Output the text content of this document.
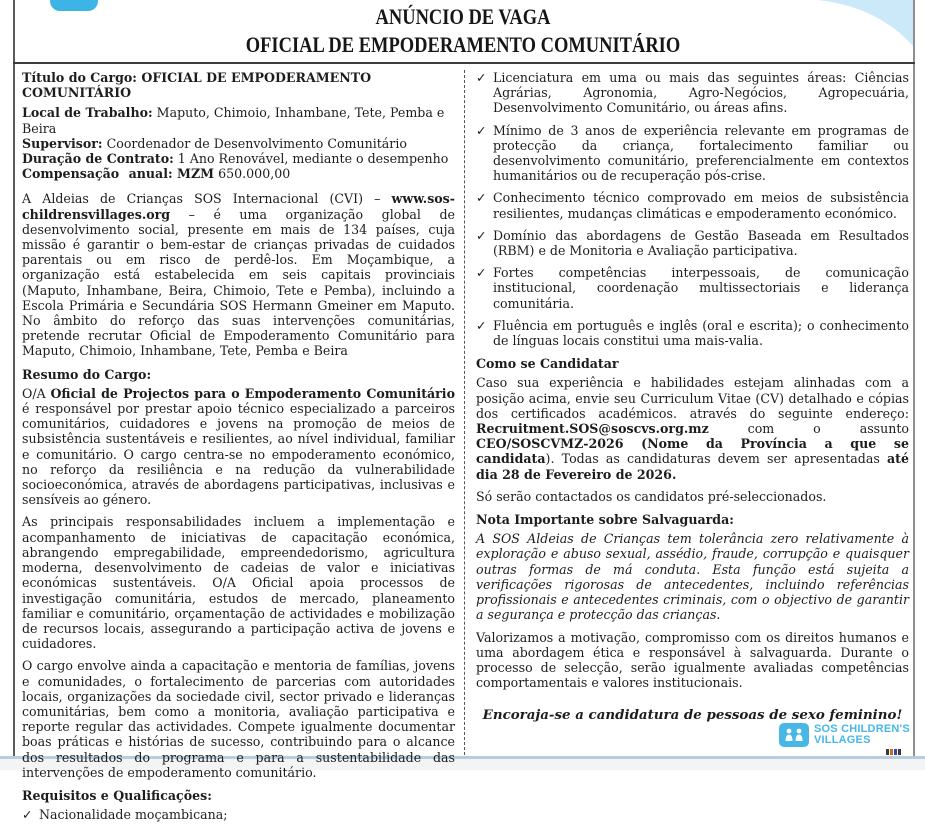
ANÚNCIO DE VAGA
OFICIAL DE EMPODERAMENTO COMUNITÁRIO

Título do Cargo: OFICIAL DE EMPODERAMENTO COMUNITÁRIO

Local de Trabalho: Maputo, Chimoio, Inhambane, Tete, Pemba e Beira

Supervisor: Coordenador de Desenvolvimento Comunitário

Duração de Contrato: 1 Ano Renovável, mediante o desempenho

Compensação anual: MZM 650.000,00

A Aldeias de Crianças SOS Internacional (CVI) – www.sos-childrensvillages.org – é uma organização global de desenvolvimento social, presente em mais de 134 países, cuja missão é garantir o bem-estar de crianças privadas de cuidados parentais ou em risco de perdê-los. Em Moçambique, a organização está estabelecida em seis capitais provinciais (Maputo, Inhambane, Beira, Chimoio, Tete e Pemba), incluindo a Escola Primária e Secundária SOS Hermann Gmeiner em Maputo. No âmbito do reforço das suas intervenções comunitárias, pretende recrutar Oficial de Empoderamento Comunitário para Maputo, Chimoio, Inhambane, Tete, Pemba e Beira

Resumo do Cargo:

O/A Oficial de Projectos para o Empoderamento Comunitário é responsável por prestar apoio técnico especializado a parceiros comunitários, cuidadores e jovens na promoção de meios de subsistência sustentáveis e resilientes, ao nível individual, familiar e comunitário. O cargo centra-se no empoderamento económico, no reforço da resiliência e na redução da vulnerabilidade socioeconómica, através de abordagens participativas, inclusivas e sensíveis ao género.

As principais responsabilidades incluem a implementação e acompanhamento de iniciativas de capacitação económica, abrangendo empregabilidade, empreendedorismo, agricultura moderna, desenvolvimento de cadeias de valor e iniciativas económicas sustentáveis. O/A Oficial apoia processos de investigação comunitária, estudos de mercado, planeamento familiar e comunitário, orçamentação de actividades e mobilização de recursos locais, assegurando a participação activa de jovens e cuidadores.

O cargo envolve ainda a capacitação e mentoria de famílias, jovens e comunidades, o fortalecimento de parcerias com autoridades locais, organizações da sociedade civil, sector privado e lideranças comunitárias, bem como a monitoria, avaliação participativa e reporte regular das actividades. Compete igualmente documentar boas práticas e histórias de sucesso, contribuindo para o alcance dos resultados do programa e para a sustentabilidade das intervenções de empoderamento comunitário.

Requisitos e Qualificações:
✓ Nacionalidade moçambicana;
✓ Licenciatura em uma ou mais das seguintes áreas: Ciências Agrárias, Agronomia, Agro-Negócios, Agropecuária, Desenvolvimento Comunitário, ou áreas afins.
✓ Mínimo de 3 anos de experiência relevante em programas de protecção da criança, fortalecimento familiar ou desenvolvimento comunitário, preferencialmente em contextos humanitários ou de recuperação pós-crise.
✓ Conhecimento técnico comprovado em meios de subsistência resilientes, mudanças climáticas e empoderamento económico.
✓ Domínio das abordagens de Gestão Baseada em Resultados (RBM) e de Monitoria e Avaliação participativa.
✓ Fortes competências interpessoais, de comunicação institucional, coordenação multissectoriais e liderança comunitária.
✓ Fluência em português e inglês (oral e escrita); o conhecimento de línguas locais constitui uma mais-valia.
Como se Candidatar

Caso sua experiência e habilidades estejam alinhadas com a posição acima, envie seu Curriculum Vitae (CV) detalhado e cópias dos certificados académicos. através do seguinte endereço: Recruitment.SOS@soscvs.org.mz com o assunto CEO/SOSCVMZ-2026 (Nome da Província a que se candidata). Todas as candidaturas devem ser apresentadas até dia 28 de Fevereiro de 2026.

Só serão contactados os candidatos pré-seleccionados.

Nota Importante sobre Salvaguarda:

A SOS Aldeias de Crianças tem tolerância zero relativamente à exploração e abuso sexual, assédio, fraude, corrupção e quaisquer outras formas de má conduta. Esta função está sujeita a verificações rigorosas de antecedentes, incluindo referências profissionais e antecedentes criminais, com o objectivo de garantir a segurança e protecção das crianças.

Valorizamos a motivação, compromisso com os direitos humanos e uma abordagem ética e responsável à salvaguarda. Durante o processo de selecção, serão igualmente avaliadas competências comportamentais e valores institucionais.

Encoraja-se a candidatura de pessoas de sexo feminino!
SOS CHILDREN'S
VILLAGES
